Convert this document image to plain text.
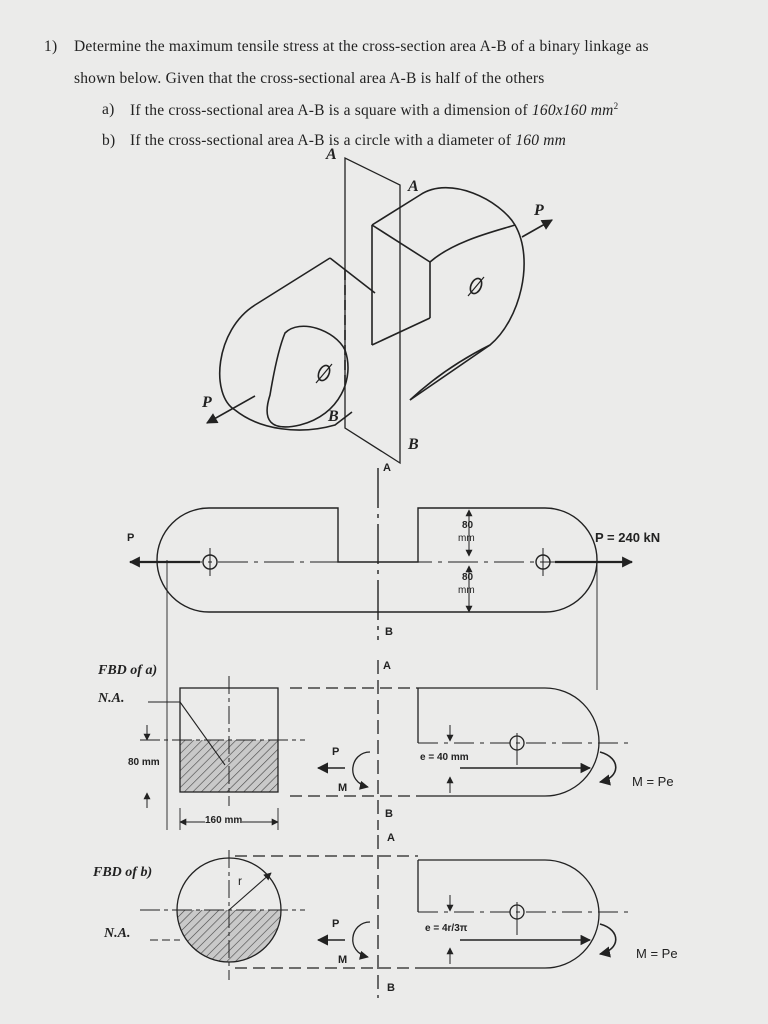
1) Determine the maximum tensile stress at the cross-section area A-B of a binary linkage as
shown below. Given that the cross-sectional area A-B is half of the others
a) If the cross-sectional area A-B is a square with a dimension of 160x160 $mm^2$
b) If the cross-sectional area A-B is a circle with a diameter of 160 mm
A
A
B
B
P
P
A
B
P	P = 240 kN
80
mm
80
mm
FBD of a)
N.A.
80 mm
160 mm
A
B
P
M
e = 40 mm
M = Pe
FBD of b)
N.A.
r
A
B
P
M
e = 4r/3π
M = Pe
